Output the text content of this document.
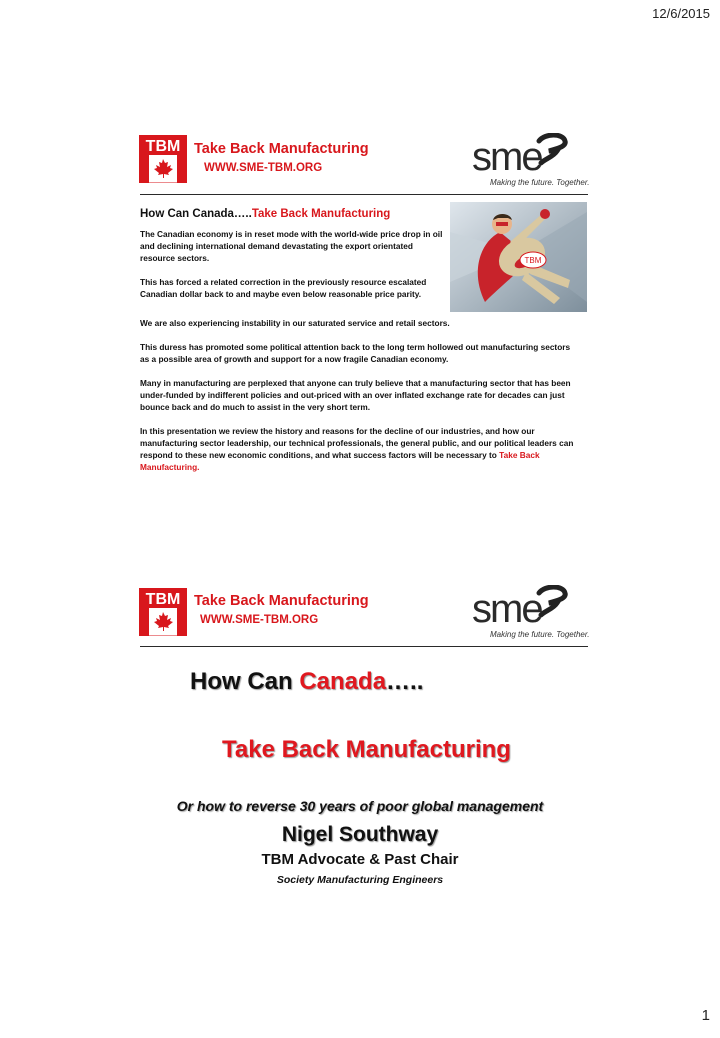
12/6/2015
1
TBM Take Back Manufacturing
WWW.SME-TBM.ORG	sme
Making the future. Together.
How Can Canada…..Take Back Manufacturing
TBM

The Canadian economy is in reset mode with the world-wide price drop in oil and declining international demand devastating the export orientated resource sectors.

This has forced a related correction in the previously resource escalated Canadian dollar back to and maybe even below reasonable price parity.

We are also experiencing instability in our saturated service and retail sectors.

This duress has promoted some political attention back to the long term hollowed out manufacturing sectors as a possible area of growth and support for a now fragile Canadian economy.

Many in manufacturing are perplexed that anyone can truly believe that a manufacturing sector that has been under-funded by indifferent policies and out-priced with an over inflated exchange rate for decades can just bounce back and do much to assist in the very short term.

In this presentation we review the history and reasons for the decline of our industries, and how our manufacturing sector leadership, our technical professionals, the general public, and our political leaders can respond to these new economic conditions, and what success factors will be necessary to Take Back Manufacturing.

TBM Take Back Manufacturing
WWW.SME-TBM.ORG	sme
Making the future. Together.
How Can Canada…..
Take Back Manufacturing
Or how to reverse 30 years of poor global management
Nigel Southway
TBM Advocate & Past Chair
Society Manufacturing Engineers
